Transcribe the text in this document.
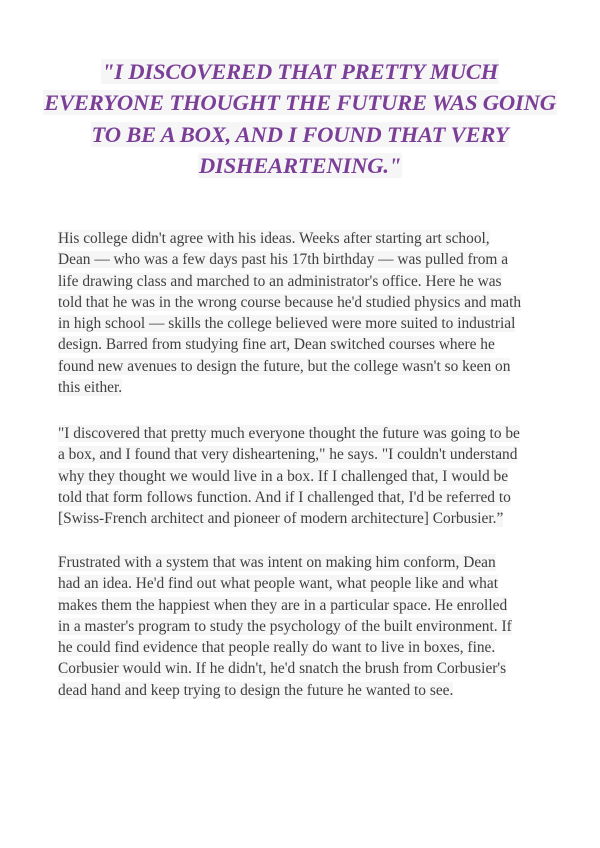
"I DISCOVERED THAT PRETTY MUCH
EVERYONE THOUGHT THE FUTURE WAS GOING
TO BE A BOX, AND I FOUND THAT VERY
DISHEARTENING."

His college didn't agree with his ideas. Weeks after starting art school,
Dean — who was a few days past his 17th birthday — was pulled from a
life drawing class and marched to an administrator's office. Here he was
told that he was in the wrong course because he'd studied physics and math
in high school — skills the college believed were more suited to industrial
design. Barred from studying fine art, Dean switched courses where he
found new avenues to design the future, but the college wasn't so keen on
this either.

"I discovered that pretty much everyone thought the future was going to be
a box, and I found that very disheartening," he says. "I couldn't understand
why they thought we would live in a box. If I challenged that, I would be
told that form follows function. And if I challenged that, I'd be referred to
[Swiss-French architect and pioneer of modern architecture] Corbusier.”

Frustrated with a system that was intent on making him conform, Dean
had an idea. He'd find out what people want, what people like and what
makes them the happiest when they are in a particular space. He enrolled
in a master's program to study the psychology of the built environment. If
he could find evidence that people really do want to live in boxes, fine.
Corbusier would win. If he didn't, he'd snatch the brush from Corbusier's
dead hand and keep trying to design the future he wanted to see.
